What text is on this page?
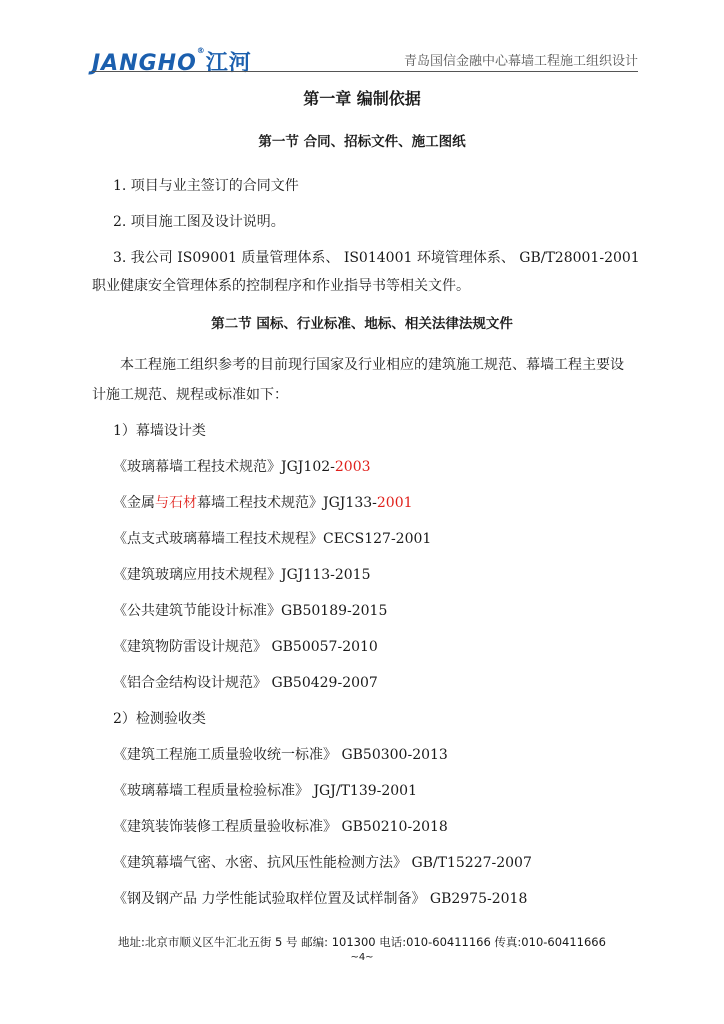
JANGHO®江河	青岛国信金融中心幕墙工程施工组织设计
第一章 编制依据
第一节 合同、招标文件、施工图纸
1. 项目与业主签订的合同文件
2. 项目施工图及设计说明。
3. 我公司 IS09001 质量管理体系、 IS014001 环境管理体系、 GB/T28001-2001
职业健康安全管理体系的控制程序和作业指导书等相关文件。
第二节 国标、行业标准、地标、相关法律法规文件
本工程施工组织参考的目前现行国家及行业相应的建筑施工规范、幕墙工程主要设
计施工规范、规程或标准如下：
1）幕墙设计类
《玻璃幕墙工程技术规范》JGJ102-2003
《金属与石材幕墙工程技术规范》JGJ133-2001
《点支式玻璃幕墙工程技术规程》CECS127-2001
《建筑玻璃应用技术规程》JGJ113-2015
《公共建筑节能设计标准》GB50189-2015
《建筑物防雷设计规范》 GB50057-2010
《铝合金结构设计规范》 GB50429-2007
2）检测验收类
《建筑工程施工质量验收统一标准》 GB50300-2013
《玻璃幕墙工程质量检验标准》 JGJ/T139-2001
《建筑装饰装修工程质量验收标准》 GB50210-2018
《建筑幕墙气密、水密、抗风压性能检测方法》 GB/T15227-2007
《钢及钢产品 力学性能试验取样位置及试样制备》 GB2975-2018
地址:北京市顺义区牛汇北五街 5 号 邮编: 101300 电话:010-60411166 传真:010-60411666
~4~
